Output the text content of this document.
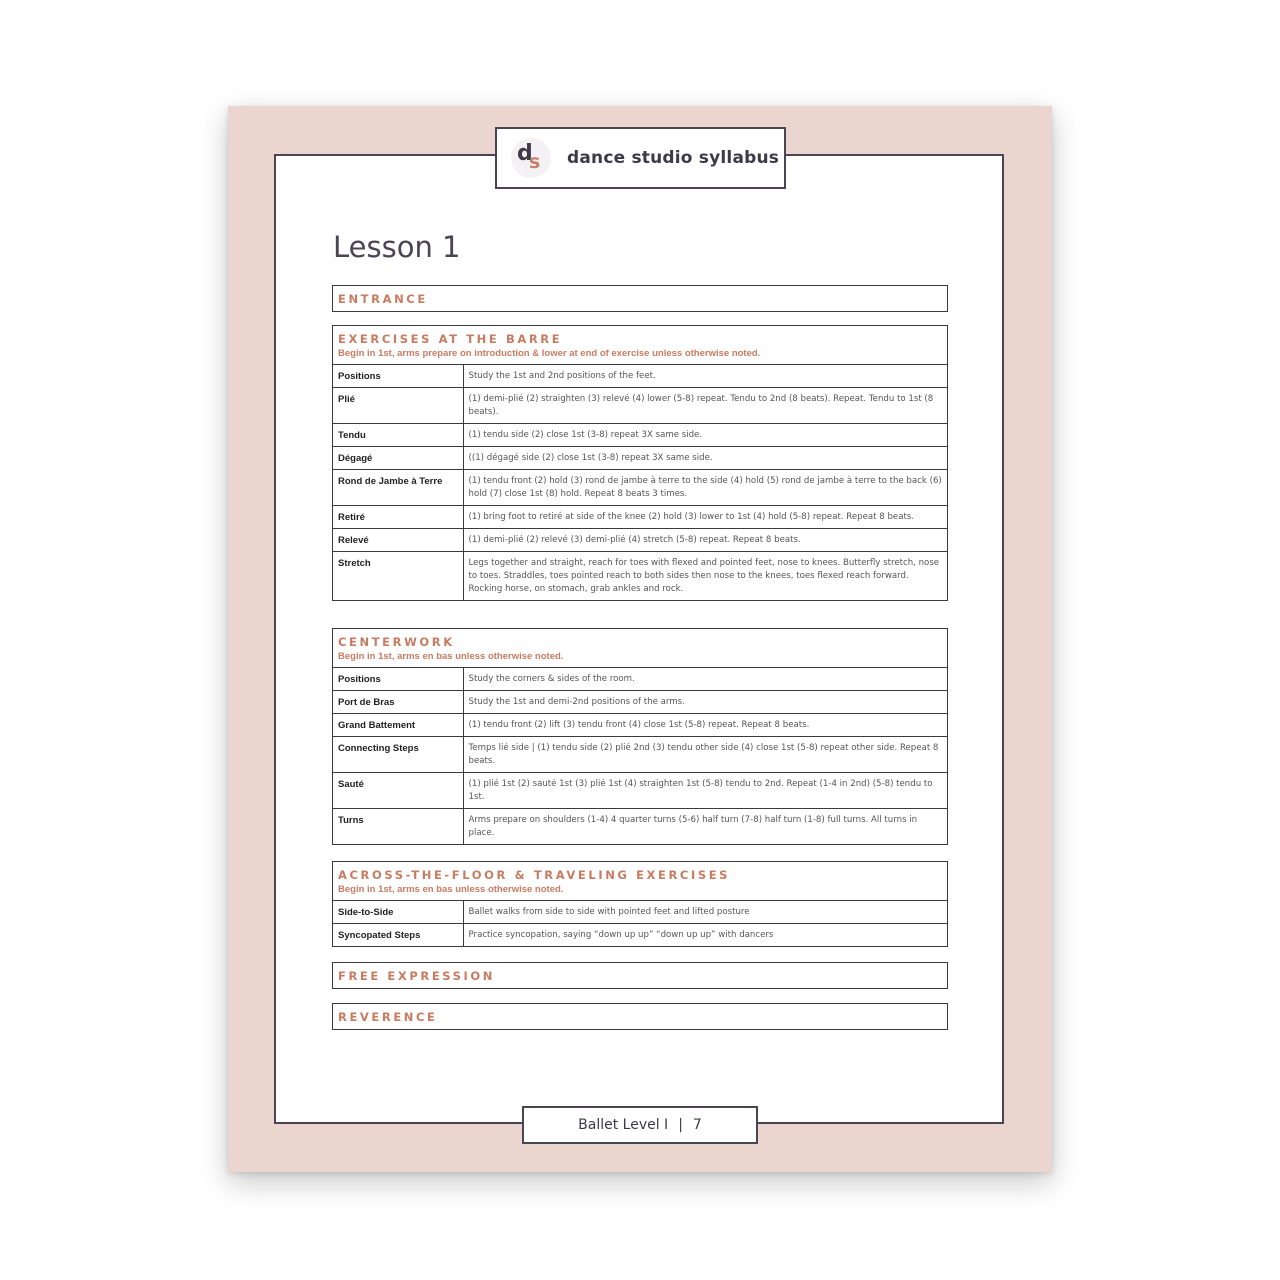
d
s dance studio syllabus
Lesson 1
ENTRANCE
EXERCISES AT THE BARRE
Begin in 1st, arms prepare on introduction & lower at end of exercise unless otherwise noted.
Positions	Study the 1st and 2nd positions of the feet.
Plié	(1) demi-plié (2) straighten (3) relevé (4) lower (5-8) repeat. Tendu to 2nd (8 beats). Repeat. Tendu to 1st (8 beats).
Tendu	(1) tendu side (2) close 1st (3-8) repeat 3X same side.
Dégagé	((1) dégagé side (2) close 1st (3-8) repeat 3X same side.
Rond de Jambe à Terre	(1) tendu front (2) hold (3) rond de jambe à terre to the side (4) hold (5) rond de jambe à terre to the back (6) hold (7) close 1st (8) hold. Repeat 8 beats 3 times.
Retiré	(1) bring foot to retiré at side of the knee (2) hold (3) lower to 1st (4) hold (5-8) repeat. Repeat 8 beats.
Relevé	(1) demi-plié (2) relevé (3) demi-plié (4) stretch (5-8) repeat. Repeat 8 beats.
Stretch	Legs together and straight, reach for toes with flexed and pointed feet, nose to knees. Butterfly stretch, nose to toes. Straddles, toes pointed reach to both sides then nose to the knees, toes flexed reach forward. Rocking horse, on stomach, grab ankles and rock.
CENTERWORK
Begin in 1st, arms en bas unless otherwise noted.
Positions	Study the corners & sides of the room.
Port de Bras	Study the 1st and demi-2nd positions of the arms.
Grand Battement	(1) tendu front (2) lift (3) tendu front (4) close 1st (5-8) repeat. Repeat 8 beats.
Connecting Steps	Temps lié side | (1) tendu side (2) plié 2nd (3) tendu other side (4) close 1st (5-8) repeat other side. Repeat 8 beats.
Sauté	(1) plié 1st (2) sauté 1st (3) plié 1st (4) straighten 1st (5-8) tendu to 2nd. Repeat (1-4 in 2nd) (5-8) tendu to 1st.
Turns	Arms prepare on shoulders (1-4) 4 quarter turns (5-6) half turn (7-8) half turn (1-8) full turns. All turns in place.
ACROSS-THE-FLOOR & TRAVELING EXERCISES
Begin in 1st, arms en bas unless otherwise noted.
Side-to-Side	Ballet walks from side to side with pointed feet and lifted posture
Syncopated Steps	Practice syncopation, saying “down up up” “down up up” with dancers
FREE EXPRESSION
REVERENCE
Ballet Level I | 7
